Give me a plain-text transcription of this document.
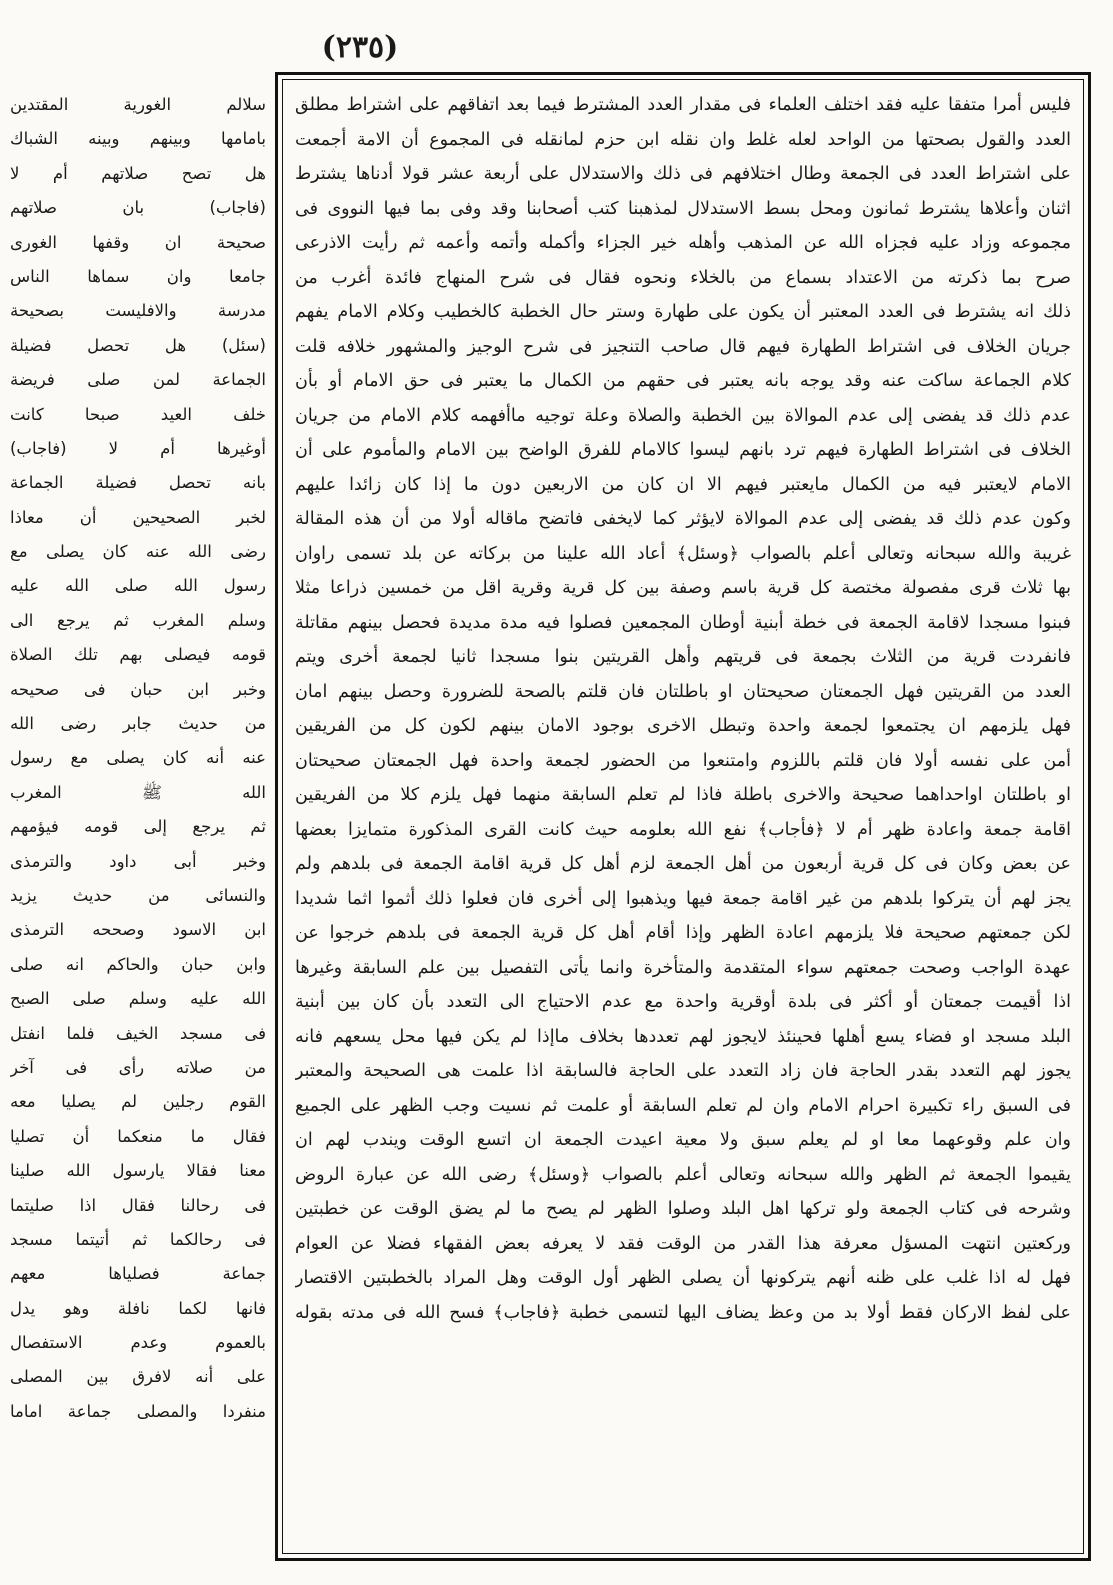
(٢٣٥)
سلالم الغورية المقتدين
بامامها وبينهم وبينه الشباك
هل تصح صلاتهم أم لا
(فاجاب) بان صلاتهم
صحيحة ان وقفها الغورى
جامعا وان سماها الناس
مدرسة والافليست بصحيحة
(سئل) هل تحصل فضيلة
الجماعة لمن صلى فريضة
خلف العيد صبحا كانت
أوغيرها أم لا (فاجاب)
بانه تحصل فضيلة الجماعة
لخبر الصحيحين أن معاذا
رضى الله عنه كان يصلى مع
رسول الله صلى الله عليه
وسلم المغرب ثم يرجع الى
قومه فيصلى بهم تلك الصلاة
وخبر ابن حبان فى صحيحه
من حديث جابر رضى الله
عنه أنه كان يصلى مع رسول
الله ﷺ المغرب
ثم يرجع إلى قومه فيؤمهم
وخبر أبى داود والترمذى
والنسائى من حديث يزيد
ابن الاسود وصححه الترمذى
وابن حبان والحاكم انه صلى
الله عليه وسلم صلى الصبح
فى مسجد الخيف فلما انفتل
من صلاته رأى فى آخر
القوم رجلين لم يصليا معه
فقال ما منعكما أن تصليا
معنا فقالا يارسول الله صلينا
فى رحالنا فقال اذا صليتما
فى رحالكما ثم أتيتما مسجد
جماعة فصلياها معهم
فانها لكما نافلة وهو يدل
بالعموم وعدم الاستفصال
على أنه لافرق بين المصلى
منفردا والمصلى جماعة اماما
فليس أمرا متفقا عليه فقد اختلف العلماء فى مقدار العدد المشترط فيما بعد اتفاقهم على اشتراط مطلق
العدد والقول بصحتها من الواحد لعله غلط وان نقله ابن حزم لمانقله فى المجموع أن الامة أجمعت
على اشتراط العدد فى الجمعة وطال اختلافهم فى ذلك والاستدلال على أربعة عشر قولا أدناها يشترط
اثنان وأعلاها يشترط ثمانون ومحل بسط الاستدلال لمذهبنا كتب أصحابنا وقد وفى بما فيها النووى فى
مجموعه وزاد عليه فجزاه الله عن المذهب وأهله خير الجزاء وأكمله وأتمه وأعمه ثم رأيت الاذرعى
صرح بما ذكرته من الاعتداد بسماع من بالخلاء ونحوه فقال فى شرح المنهاج فائدة أغرب من
ذلك انه يشترط فى العدد المعتبر أن يكون على طهارة وستر حال الخطبة كالخطيب وكلام الامام يفهم
جريان الخلاف فى اشتراط الطهارة فيهم قال صاحب التنجيز فى شرح الوجيز والمشهور خلافه قلت
كلام الجماعة ساكت عنه وقد يوجه بانه يعتبر فى حقهم من الكمال ما يعتبر فى حق الامام أو بأن
عدم ذلك قد يفضى إلى عدم الموالاة بين الخطبة والصلاة وعلة توجيه ماأفهمه كلام الامام من جريان
الخلاف فى اشتراط الطهارة فيهم ترد بانهم ليسوا كالامام للفرق الواضح بين الامام والمأموم على أن
الامام لايعتبر فيه من الكمال مايعتبر فيهم الا ان كان من الاربعين دون ما إذا كان زائدا عليهم
وكون عدم ذلك قد يفضى إلى عدم الموالاة لايؤثر كما لايخفى فاتضح ماقاله أولا من أن هذه المقالة
غريبة والله سبحانه وتعالى أعلم بالصواب ﴿وسئل﴾ أعاد الله علينا من بركاته عن بلد تسمى راوان
بها ثلاث قرى مفصولة مختصة كل قرية باسم وصفة بين كل قرية وقرية اقل من خمسين ذراعا مثلا
فبنوا مسجدا لاقامة الجمعة فى خطة أبنية أوطان المجمعين فصلوا فيه مدة مديدة فحصل بينهم مقاتلة
فانفردت قرية من الثلاث بجمعة فى قريتهم وأهل القريتين بنوا مسجدا ثانيا لجمعة أخرى ويتم
العدد من القريتين فهل الجمعتان صحيحتان او باطلتان فان قلتم بالصحة للضرورة وحصل بينهم امان
فهل يلزمهم ان يجتمعوا لجمعة واحدة وتبطل الاخرى بوجود الامان بينهم لكون كل من الفريقين
أمن على نفسه أولا فان قلتم باللزوم وامتنعوا من الحضور لجمعة واحدة فهل الجمعتان صحيحتان
او باطلتان اواحداهما صحيحة والاخرى باطلة فاذا لم تعلم السابقة منهما فهل يلزم كلا من الفريقين
اقامة جمعة واعادة ظهر أم لا ﴿فأجاب﴾ نفع الله بعلومه حيث كانت القرى المذكورة متمايزا بعضها
عن بعض وكان فى كل قرية أربعون من أهل الجمعة لزم أهل كل قرية اقامة الجمعة فى بلدهم ولم
يجز لهم أن يتركوا بلدهم من غير اقامة جمعة فيها ويذهبوا إلى أخرى فان فعلوا ذلك أثموا اثما شديدا
لكن جمعتهم صحيحة فلا يلزمهم اعادة الظهر وإذا أقام أهل كل قرية الجمعة فى بلدهم خرجوا عن
عهدة الواجب وصحت جمعتهم سواء المتقدمة والمتأخرة وانما يأتى التفصيل بين علم السابقة وغيرها
اذا أقيمت جمعتان أو أكثر فى بلدة أوقرية واحدة مع عدم الاحتياج الى التعدد بأن كان بين أبنية
البلد مسجد او فضاء يسع أهلها فحينئذ لايجوز لهم تعددها بخلاف ماإذا لم يكن فيها محل يسعهم فانه
يجوز لهم التعدد بقدر الحاجة فان زاد التعدد على الحاجة فالسابقة اذا علمت هى الصحيحة والمعتبر
فى السبق راء تكبيرة احرام الامام وان لم تعلم السابقة أو علمت ثم نسيت وجب الظهر على الجميع
وان علم وقوعهما معا او لم يعلم سبق ولا معية اعيدت الجمعة ان اتسع الوقت ويندب لهم ان
يقيموا الجمعة ثم الظهر والله سبحانه وتعالى أعلم بالصواب ﴿وسئل﴾ رضى الله عن عبارة الروض
وشرحه فى كتاب الجمعة ولو تركها اهل البلد وصلوا الظهر لم يصح ما لم يضق الوقت عن خطبتين
وركعتين انتهت المسؤل معرفة هذا القدر من الوقت فقد لا يعرفه بعض الفقهاء فضلا عن العوام
فهل له اذا غلب على ظنه أنهم يتركونها أن يصلى الظهر أول الوقت وهل المراد بالخطبتين الاقتصار
على لفظ الاركان فقط أولا بد من وعظ يضاف اليها لتسمى خطبة ﴿فاجاب﴾ فسح الله فى مدته بقوله
